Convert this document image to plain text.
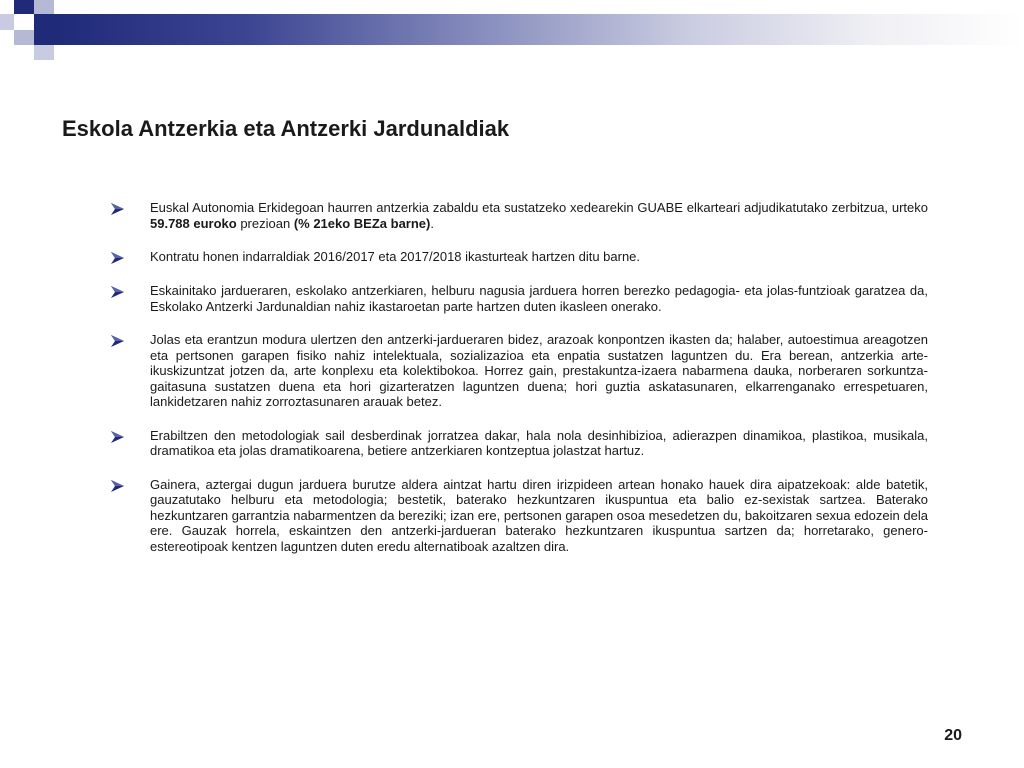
Eskola Antzerkia eta Antzerki Jardunaldiak
Euskal Autonomia Erkidegoan haurren antzerkia zabaldu eta sustatzeko xedearekin GUABE elkarteari adjudikatutako zerbitzua, urteko 59.788 euroko prezioan (% 21eko BEZa barne).
Kontratu honen indarraldiak 2016/2017 eta 2017/2018 ikasturteak hartzen ditu barne.
Eskainitako jardueraren, eskolako antzerkiaren, helburu nagusia jarduera horren berezko pedagogia- eta jolas-funtzioak garatzea da, Eskolako Antzerki Jardunaldian nahiz ikastaroetan parte hartzen duten ikasleen onerako.
Jolas eta erantzun modura ulertzen den antzerki-jardueraren bidez, arazoak konpontzen ikasten da; halaber, autoestimua areagotzen eta pertsonen garapen fisiko nahiz intelektuala, sozializazioa eta enpatia sustatzen laguntzen du. Era berean, antzerkia arte-ikuskizuntzat jotzen da, arte konplexu eta kolektibokoa. Horrez gain, prestakuntza-izaera nabarmena dauka, norberaren sorkuntza-gaitasuna sustatzen duena eta hori gizarteratzen laguntzen duena; hori guztia askatasunaren, elkarrenganako errespetuaren, lankidetzaren nahiz zorroztasunaren arauak betez.
Erabiltzen den metodologiak sail desberdinak jorratzea dakar, hala nola desinhibizioa, adierazpen dinamikoa, plastikoa, musikala, dramatikoa eta jolas dramatikoarena, betiere antzerkiaren kontzeptua jolastzat hartuz.
Gainera, aztergai dugun jarduera burutze aldera aintzat hartu diren irizpideen artean honako hauek dira aipatzekoak: alde batetik, gauzatutako helburu eta metodologia; bestetik, baterako hezkuntzaren ikuspuntua eta balio ez-sexistak sartzea. Baterako hezkuntzaren garrantzia nabarmentzen da bereziki; izan ere, pertsonen garapen osoa mesedetzen du, bakoitzaren sexua edozein dela ere. Gauzak horrela, eskaintzen den antzerki-jardueran baterako hezkuntzaren ikuspuntua sartzen da; horretarako, genero-estereotipoak kentzen laguntzen duten eredu alternatiboak azaltzen dira.
20
